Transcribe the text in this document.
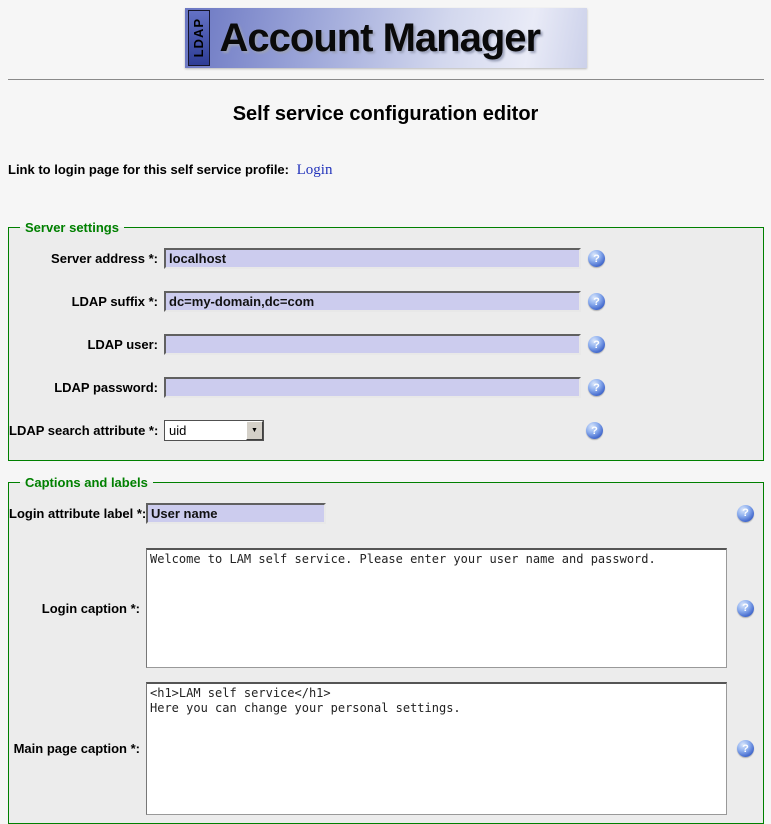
LDAP Account Manager
Self service configuration editor
Link to login page for this self service profile: Login
Server settings
Server address *:
localhost	?
LDAP suffix *:
dc=my-domain,dc=com	?
LDAP user:	?
LDAP password:	?
LDAP search attribute *: uid	▼	?
Captions and labels
Login attribute label *:
User name	?
Login caption *:
Welcome to LAM self service. Please enter your user name and password.	?
Main page caption *:
<h1>LAM self service</h1> Here you can change your personal settings.	?
